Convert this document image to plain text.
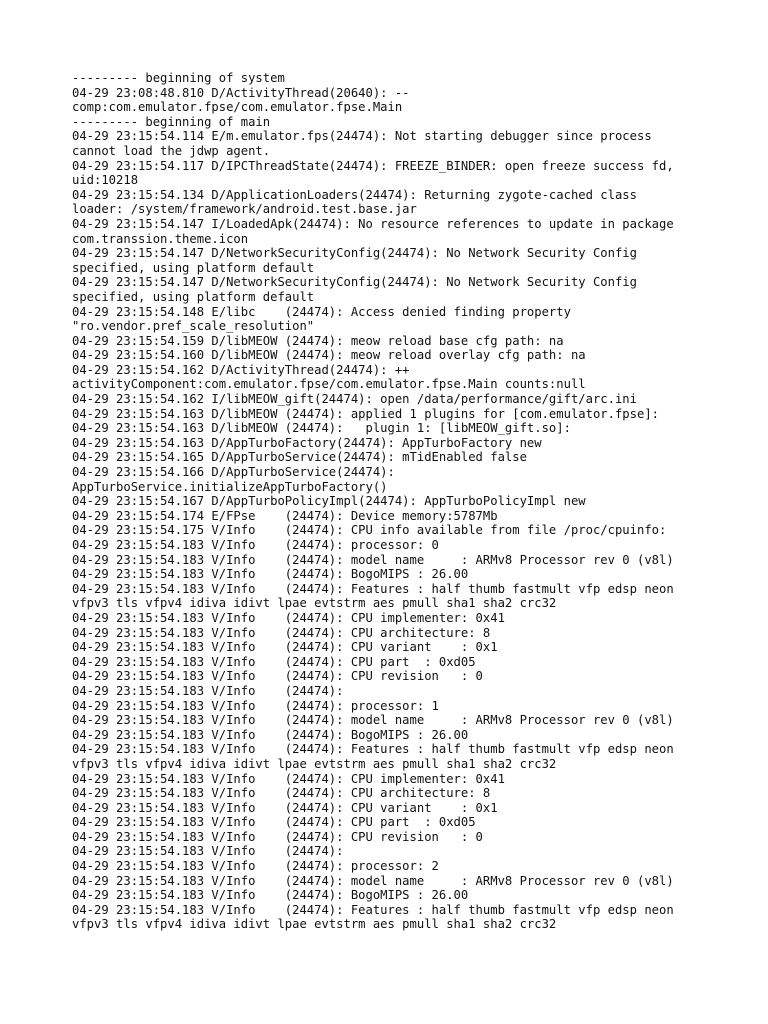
--------- beginning of system
04-29 23:08:48.810 D/ActivityThread(20640): --
comp:com.emulator.fpse/com.emulator.fpse.Main
--------- beginning of main
04-29 23:15:54.114 E/m.emulator.fps(24474): Not starting debugger since process
cannot load the jdwp agent.
04-29 23:15:54.117 D/IPCThreadState(24474): FREEZE_BINDER: open freeze success fd,
uid:10218
04-29 23:15:54.134 D/ApplicationLoaders(24474): Returning zygote-cached class
loader: /system/framework/android.test.base.jar
04-29 23:15:54.147 I/LoadedApk(24474): No resource references to update in package
com.transsion.theme.icon
04-29 23:15:54.147 D/NetworkSecurityConfig(24474): No Network Security Config
specified, using platform default
04-29 23:15:54.147 D/NetworkSecurityConfig(24474): No Network Security Config
specified, using platform default
04-29 23:15:54.148 E/libc    (24474): Access denied finding property
"ro.vendor.pref_scale_resolution"
04-29 23:15:54.159 D/libMEOW (24474): meow reload base cfg path: na
04-29 23:15:54.160 D/libMEOW (24474): meow reload overlay cfg path: na
04-29 23:15:54.162 D/ActivityThread(24474): ++
activityComponent:com.emulator.fpse/com.emulator.fpse.Main counts:null
04-29 23:15:54.162 I/libMEOW_gift(24474): open /data/performance/gift/arc.ini
04-29 23:15:54.163 D/libMEOW (24474): applied 1 plugins for [com.emulator.fpse]:
04-29 23:15:54.163 D/libMEOW (24474):   plugin 1: [libMEOW_gift.so]:
04-29 23:15:54.163 D/AppTurboFactory(24474): AppTurboFactory new
04-29 23:15:54.165 D/AppTurboService(24474): mTidEnabled false
04-29 23:15:54.166 D/AppTurboService(24474):
AppTurboService.initializeAppTurboFactory()
04-29 23:15:54.167 D/AppTurboPolicyImpl(24474): AppTurboPolicyImpl new
04-29 23:15:54.174 E/FPse    (24474): Device memory:5787Mb
04-29 23:15:54.175 V/Info    (24474): CPU info available from file /proc/cpuinfo:
04-29 23:15:54.183 V/Info    (24474): processor: 0
04-29 23:15:54.183 V/Info    (24474): model name     : ARMv8 Processor rev 0 (v8l)
04-29 23:15:54.183 V/Info    (24474): BogoMIPS : 26.00
04-29 23:15:54.183 V/Info    (24474): Features : half thumb fastmult vfp edsp neon
vfpv3 tls vfpv4 idiva idivt lpae evtstrm aes pmull sha1 sha2 crc32
04-29 23:15:54.183 V/Info    (24474): CPU implementer: 0x41
04-29 23:15:54.183 V/Info    (24474): CPU architecture: 8
04-29 23:15:54.183 V/Info    (24474): CPU variant    : 0x1
04-29 23:15:54.183 V/Info    (24474): CPU part  : 0xd05
04-29 23:15:54.183 V/Info    (24474): CPU revision   : 0
04-29 23:15:54.183 V/Info    (24474):
04-29 23:15:54.183 V/Info    (24474): processor: 1
04-29 23:15:54.183 V/Info    (24474): model name     : ARMv8 Processor rev 0 (v8l)
04-29 23:15:54.183 V/Info    (24474): BogoMIPS : 26.00
04-29 23:15:54.183 V/Info    (24474): Features : half thumb fastmult vfp edsp neon
vfpv3 tls vfpv4 idiva idivt lpae evtstrm aes pmull sha1 sha2 crc32
04-29 23:15:54.183 V/Info    (24474): CPU implementer: 0x41
04-29 23:15:54.183 V/Info    (24474): CPU architecture: 8
04-29 23:15:54.183 V/Info    (24474): CPU variant    : 0x1
04-29 23:15:54.183 V/Info    (24474): CPU part  : 0xd05
04-29 23:15:54.183 V/Info    (24474): CPU revision   : 0
04-29 23:15:54.183 V/Info    (24474):
04-29 23:15:54.183 V/Info    (24474): processor: 2
04-29 23:15:54.183 V/Info    (24474): model name     : ARMv8 Processor rev 0 (v8l)
04-29 23:15:54.183 V/Info    (24474): BogoMIPS : 26.00
04-29 23:15:54.183 V/Info    (24474): Features : half thumb fastmult vfp edsp neon
vfpv3 tls vfpv4 idiva idivt lpae evtstrm aes pmull sha1 sha2 crc32
